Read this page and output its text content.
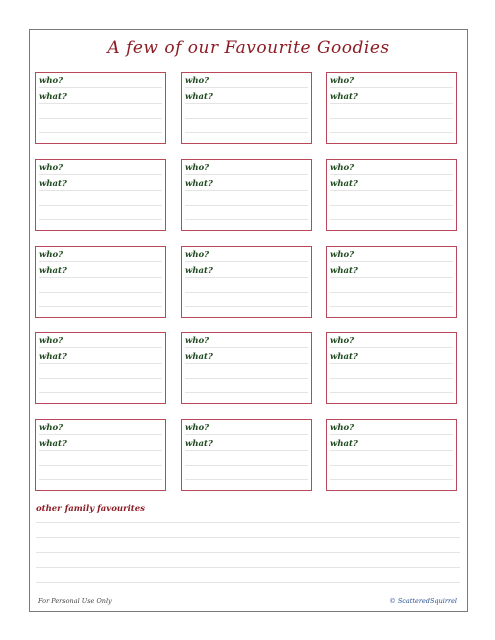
A few of our Favourite Goodies
who?
what?
who?
what?
who?
what?
who?
what?
who?
what?
who?
what?
who?
what?
who?
what?
who?
what?
who?
what?
who?
what?
who?
what?
who?
what?
who?
what?
who?
what?
other family favourites
For Personal Use Only	© ScatteredSquirrel
